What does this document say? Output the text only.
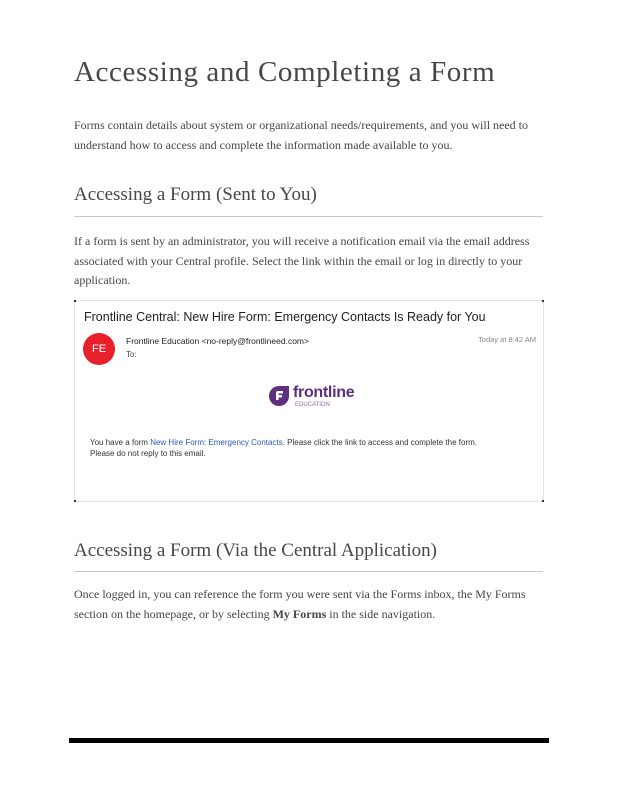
Accessing and Completing a Form

Forms contain details about system or organizational needs/requirements, and you will need to understand how to access and complete the information made available to you.

Accessing a Form (Sent to You)

If a form is sent by an administrator, you will receive a notification email via the email address associated with your Central profile. Select the link within the email or log in directly to your application.

Frontline Central: New Hire Form: Emergency Contacts Is Ready for You
FE
Frontline Education <no-reply@frontlineed.com>
To:
Today at 8:42 AM
frontline
EDUCATION
You have a form New Hire Form: Emergency Contacts. Please click the link to access and complete the form.
Please do not reply to this email.
Accessing a Form (Via the Central Application)

Once logged in, you can reference the form you were sent via the Forms inbox, the My Forms section on the homepage, or by selecting My Forms in the side navigation.
